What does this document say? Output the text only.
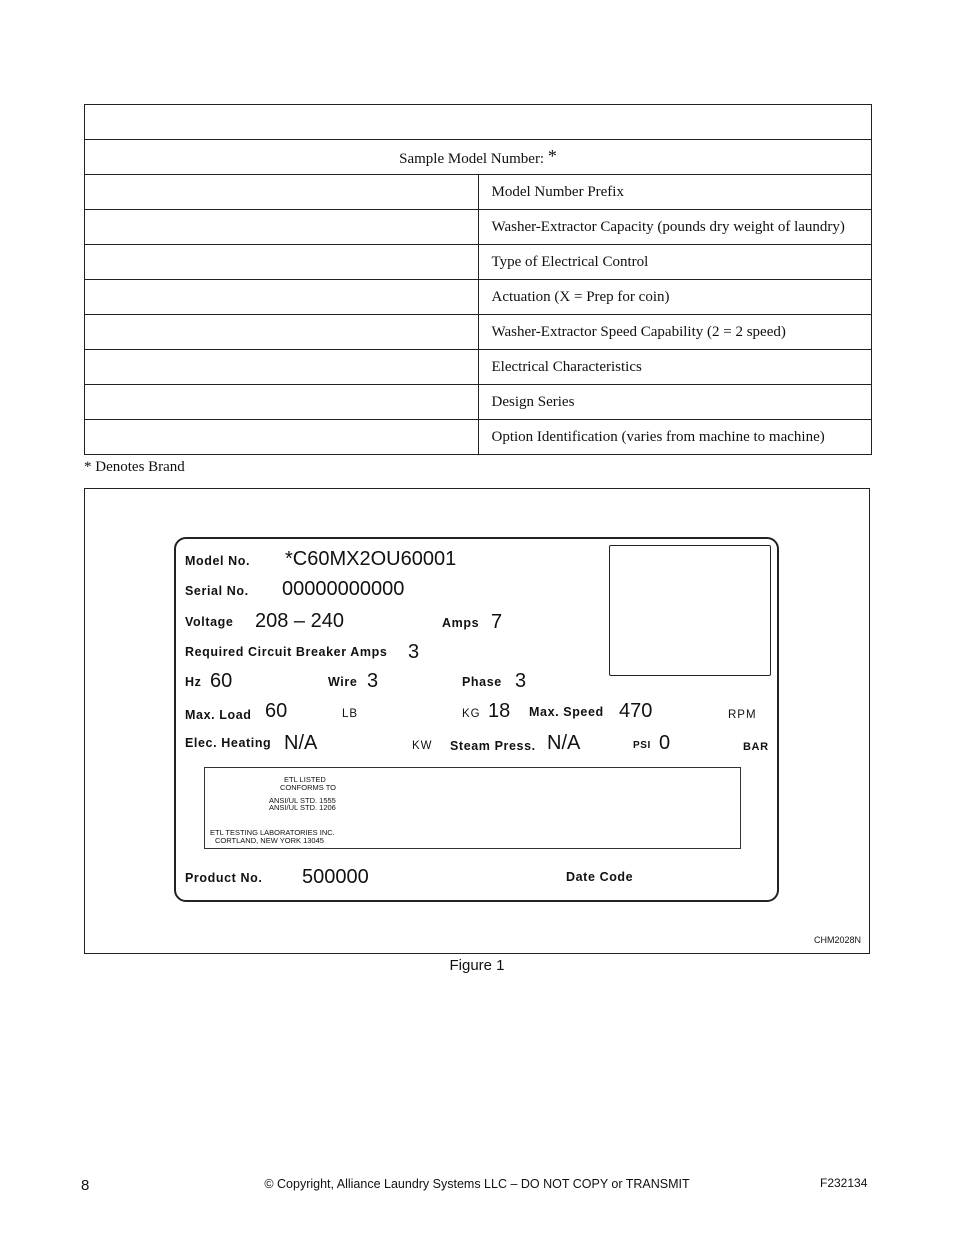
Sample Model Number: *	
	Model Number Prefix
	Washer-Extractor Capacity (pounds dry weight of laundry)
	Type of Electrical Control
	Actuation (X = Prep for coin)
	Washer-Extractor Speed Capability (2 = 2 speed)
	Electrical Characteristics
	Design Series
	Option Identification (varies from machine to machine)
* Denotes Brand
Model No. *C60MX2OU60001
Serial No. 00000000000
Voltage 208 – 240	Amps 7
Required Circuit Breaker Amps 3
Hz 60	Wire 3	Phase 3
Max. Load 60	LB	KG 18 Max. Speed 470	RPM
Elec. Heating N/A	KW Steam Press. N/A	PSI 0	BAR
ETL LISTED
CONFORMS TO
ANSI/UL STD. 1555
ANSI/UL STD. 1206
ETL TESTING LABORATORIES INC.
CORTLAND, NEW YORK 13045
Product No. 500000	Date Code
CHM2028N
Figure 1
8	© Copyright, Alliance Laundry Systems LLC – DO NOT COPY or TRANSMIT	F232134
